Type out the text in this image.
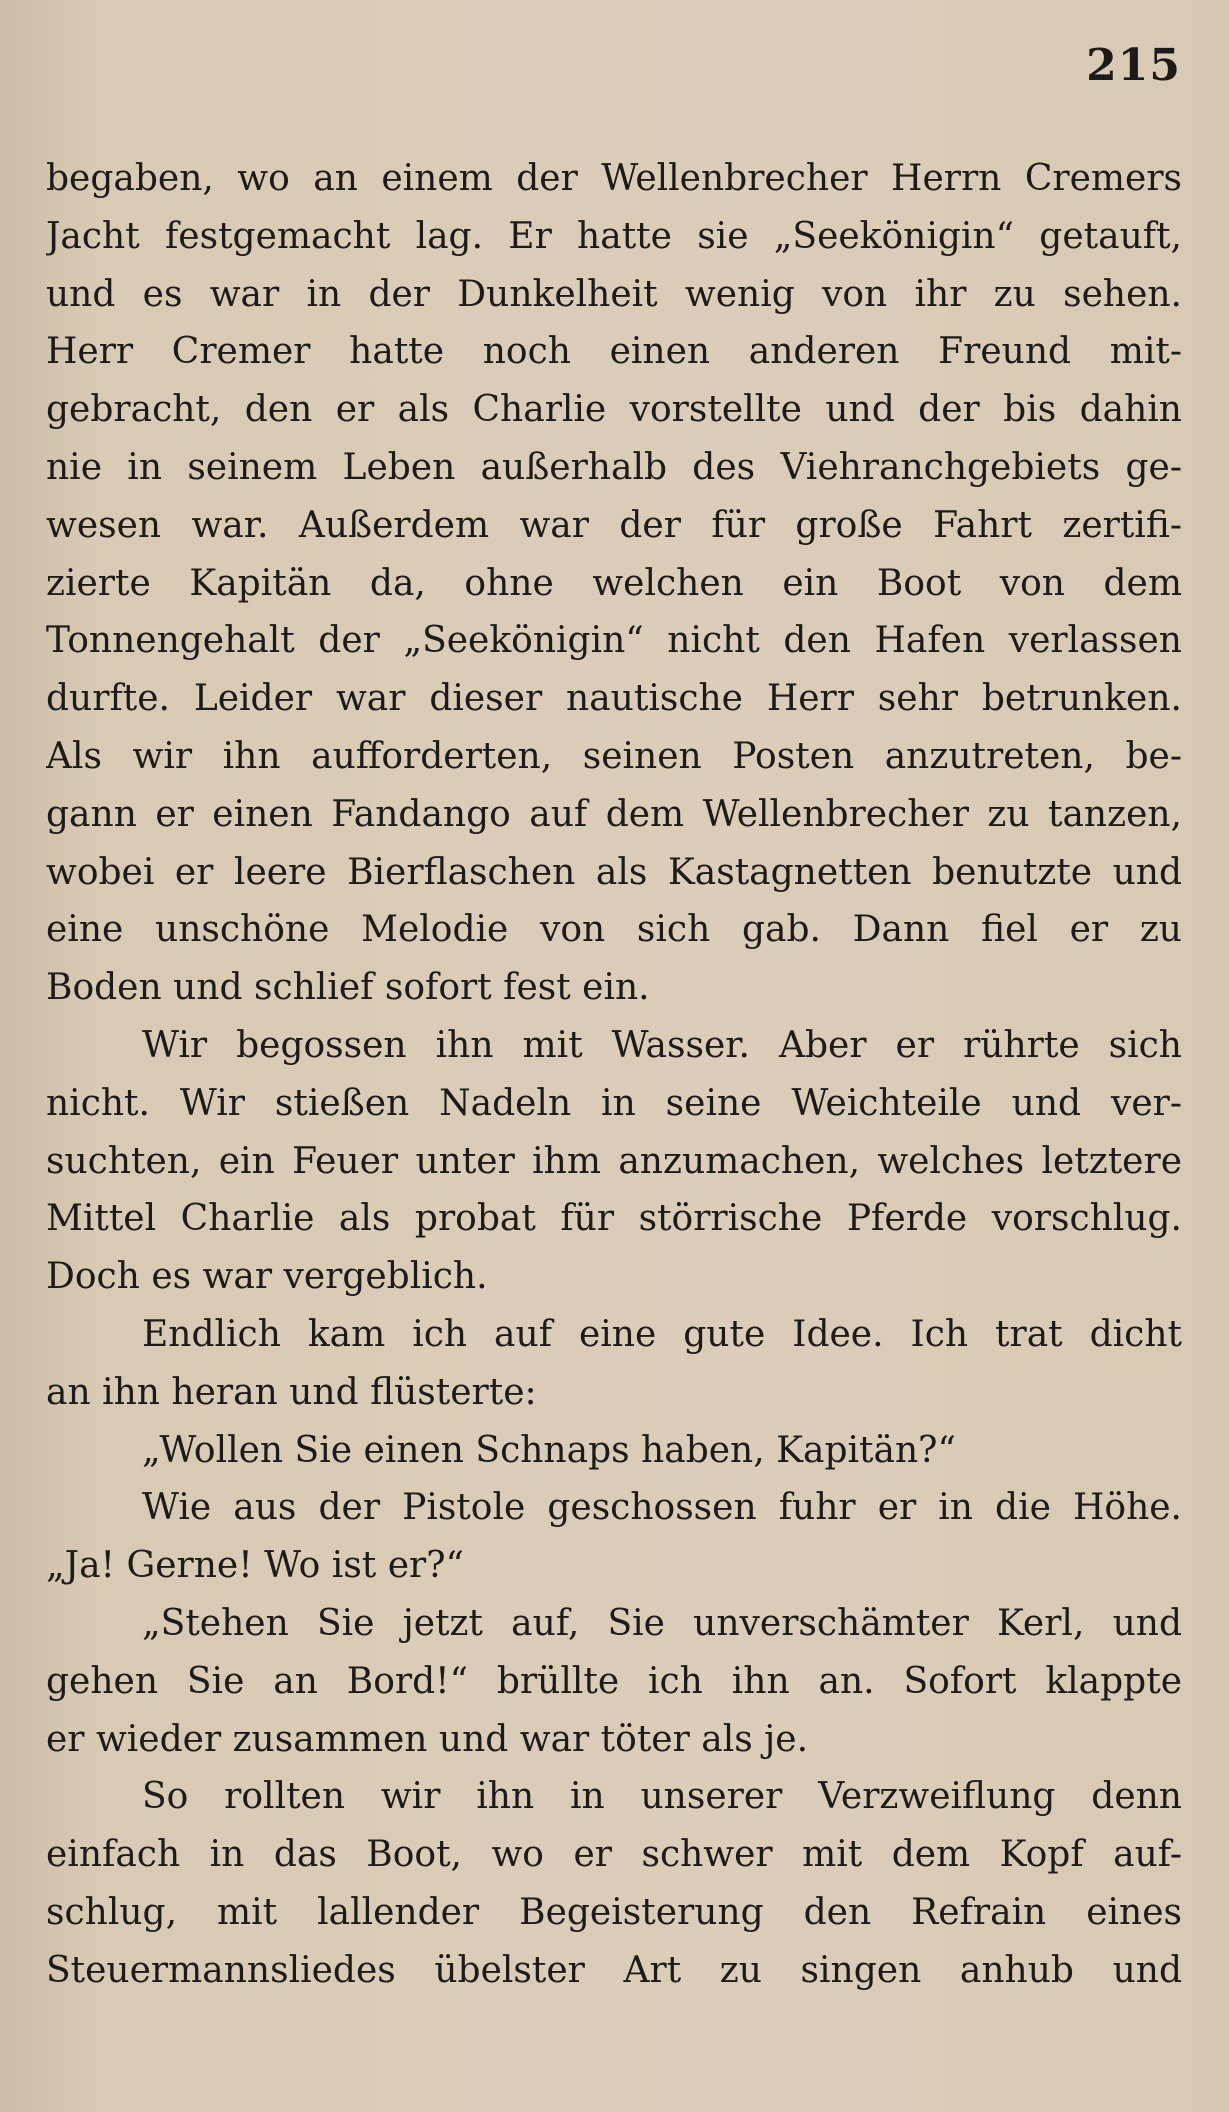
215
begaben, wo an einem der Wellenbrecher Herrn Cremers
Jacht festgemacht lag. Er hatte sie „Seekönigin“ getauft,
und es war in der Dunkelheit wenig von ihr zu sehen.
Herr Cremer hatte noch einen anderen Freund mit-
gebracht, den er als Charlie vorstellte und der bis dahin
nie in seinem Leben außerhalb des Viehranchgebiets ge-
wesen war. Außerdem war der für große Fahrt zertifi-
zierte Kapitän da, ohne welchen ein Boot von dem
Tonnengehalt der „Seekönigin“ nicht den Hafen verlassen
durfte. Leider war dieser nautische Herr sehr betrunken.
Als wir ihn aufforderten, seinen Posten anzutreten, be-
gann er einen Fandango auf dem Wellenbrecher zu tanzen,
wobei er leere Bierflaschen als Kastagnetten benutzte und
eine unschöne Melodie von sich gab. Dann fiel er zu
Boden und schlief sofort fest ein.
Wir begossen ihn mit Wasser. Aber er rührte sich
nicht. Wir stießen Nadeln in seine Weichteile und ver-
suchten, ein Feuer unter ihm anzumachen, welches letztere
Mittel Charlie als probat für störrische Pferde vorschlug.
Doch es war vergeblich.
Endlich kam ich auf eine gute Idee. Ich trat dicht
an ihn heran und flüsterte:
„Wollen Sie einen Schnaps haben, Kapitän?“
Wie aus der Pistole geschossen fuhr er in die Höhe.
„Ja! Gerne! Wo ist er?“
„Stehen Sie jetzt auf, Sie unverschämter Kerl, und
gehen Sie an Bord!“ brüllte ich ihn an. Sofort klappte
er wieder zusammen und war töter als je.
So rollten wir ihn in unserer Verzweiflung denn
einfach in das Boot, wo er schwer mit dem Kopf auf-
schlug, mit lallender Begeisterung den Refrain eines
Steuermannsliedes übelster Art zu singen anhub und
